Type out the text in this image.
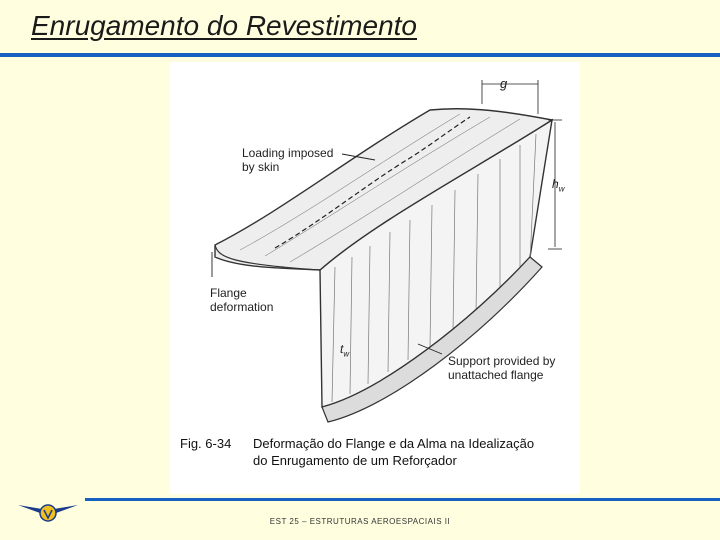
Enrugamento do Revestimento
g
Loading imposed
by skin
$h_w$
Flange
deformation
$t_w$
Support provided by
unattached flange
Fig. 6-34 Deformação do Flange e da Alma na Idealização
do Enrugamento de um Reforçador
EST 25 – ESTRUTURAS AEROESPACIAIS II
